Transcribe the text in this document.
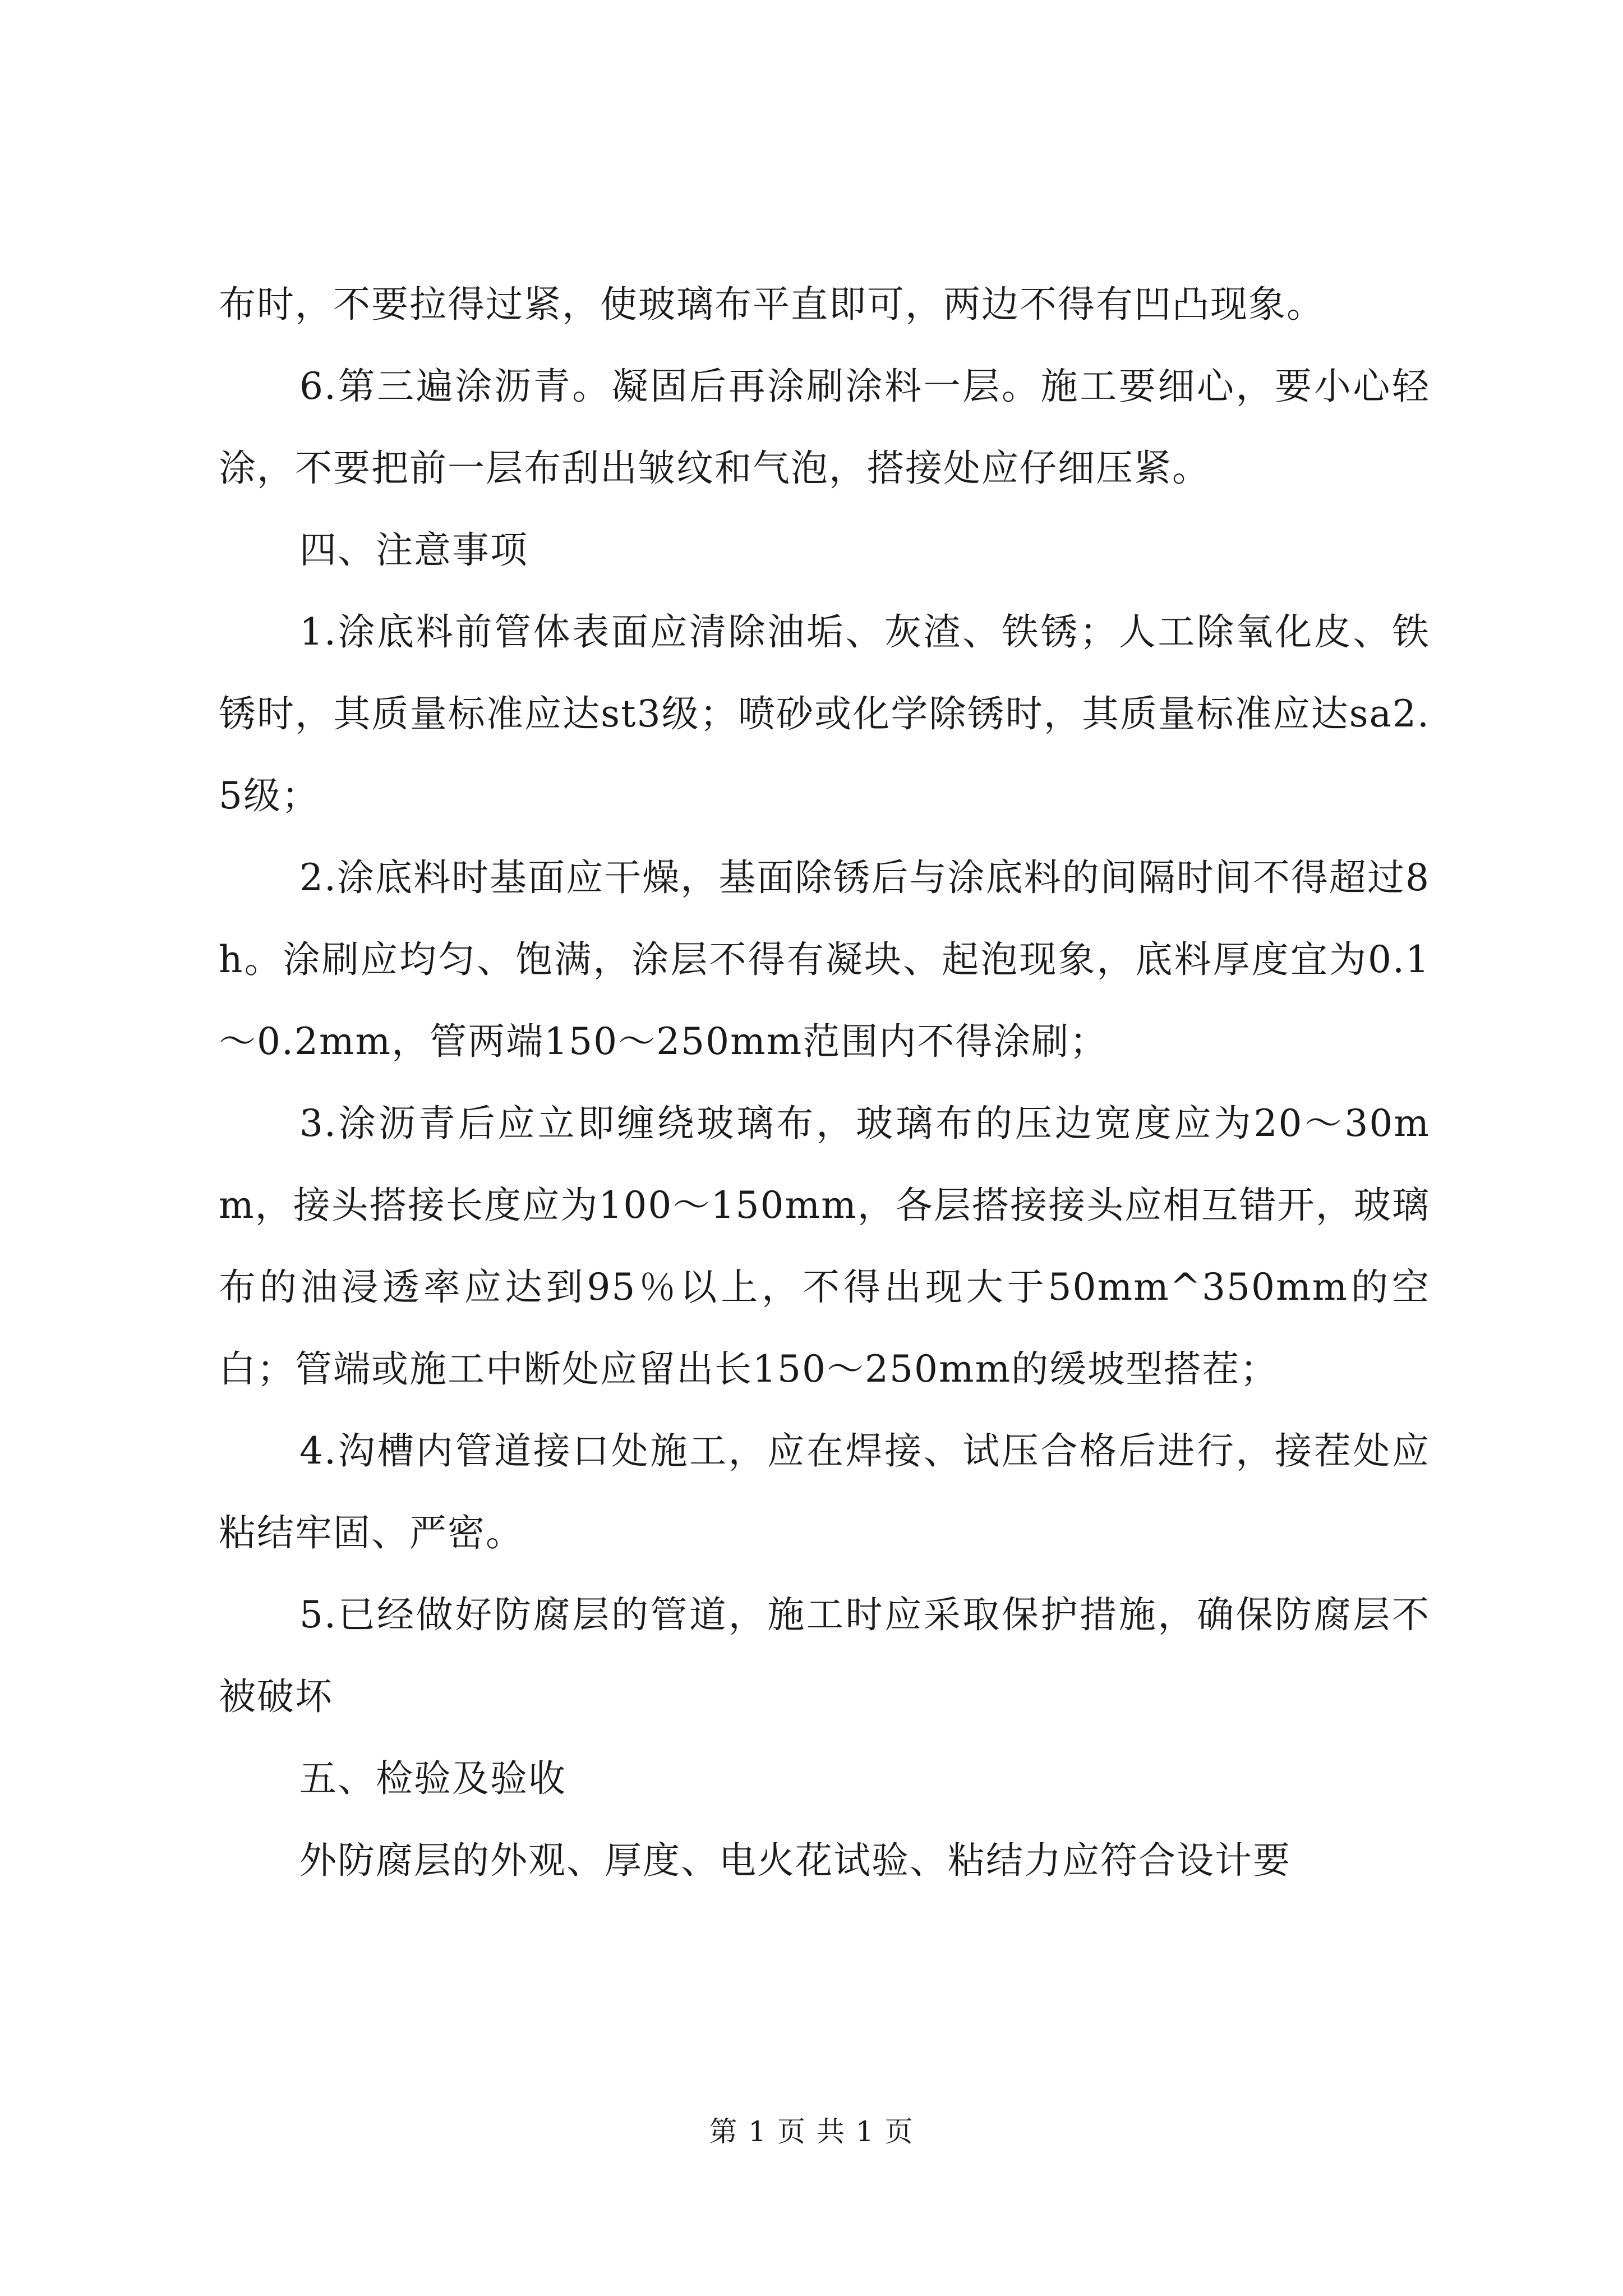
布时，不要拉得过紧，使玻璃布平直即可，两边不得有凹凸现象。

6.第三遍涂沥青。凝固后再涂刷涂料一层。施工要细心，要小心轻涂，不要把前一层布刮出皱纹和气泡，搭接处应仔细压紧。

四、注意事项

1.涂底料前管体表面应清除油垢、灰渣、铁锈；人工除氧化皮、铁锈时，其质量标准应达st3级；喷砂或化学除锈时，其质量标准应达sa2.5级；

2.涂底料时基面应干燥，基面除锈后与涂底料的间隔时间不得超过8h。涂刷应均匀、饱满，涂层不得有凝块、起泡现象，底料厚度宜为0.1～0.2mm，管两端150～250mm范围内不得涂刷；

3.涂沥青后应立即缠绕玻璃布，玻璃布的压边宽度应为20～30mm，接头搭接长度应为100～150mm，各层搭接接头应相互错开，玻璃布的油浸透率应达到95％以上，不得出现大于50mm^350mm的空白；管端或施工中断处应留出长150～250mm的缓坡型搭茬；

4.沟槽内管道接口处施工，应在焊接、试压合格后进行，接茬处应粘结牢固、严密。

5.已经做好防腐层的管道，施工时应采取保护措施，确保防腐层不被破坏

五、检验及验收

外防腐层的外观、厚度、电火花试验、粘结力应符合设计要

第 1 页 共 1 页
